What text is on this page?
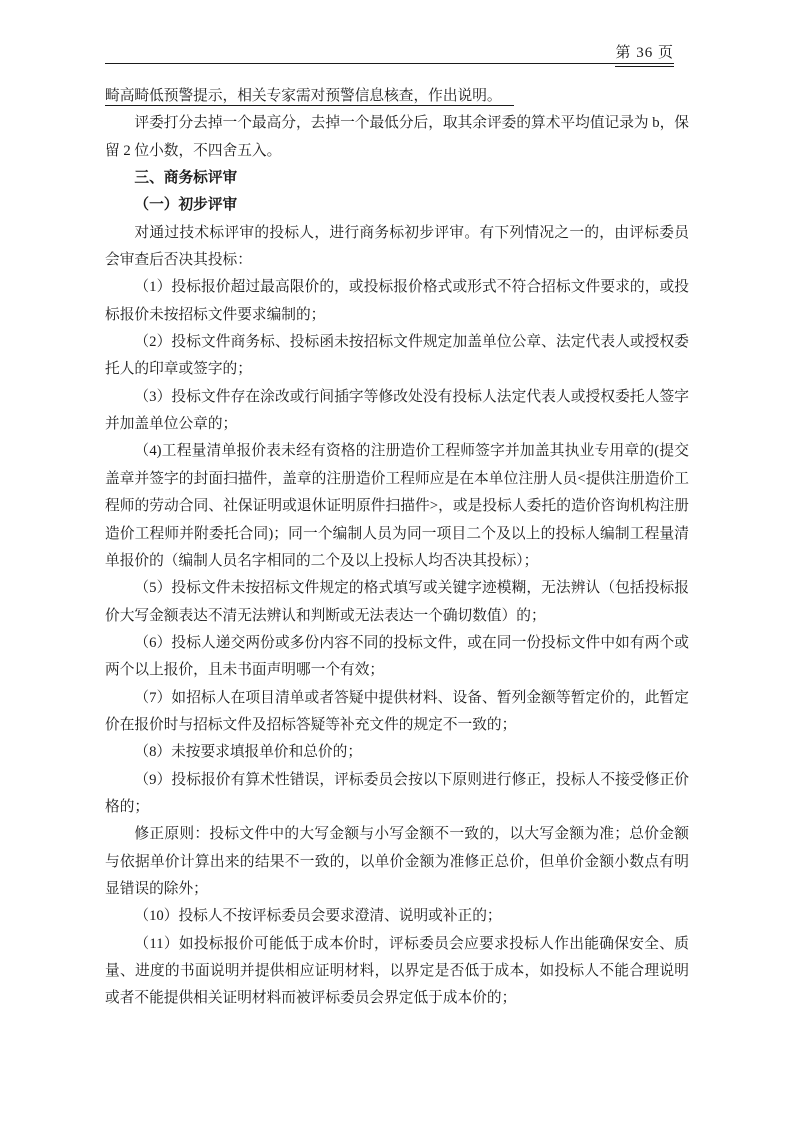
第 36 页

畸高畸低预警提示，相关专家需对预警信息核查，作出说明。

评委打分去掉一个最高分，去掉一个最低分后，取其余评委的算术平均值记录为 b，保留 2 位小数，不四舍五入。

三、商务标评审

（一）初步评审

对通过技术标评审的投标人，进行商务标初步评审。有下列情况之一的，由评标委员会审查后否决其投标：

（1）投标报价超过最高限价的，或投标报价格式或形式不符合招标文件要求的，或投标报价未按招标文件要求编制的；

（2）投标文件商务标、投标函未按招标文件规定加盖单位公章、法定代表人或授权委托人的印章或签字的；

（3）投标文件存在涂改或行间插字等修改处没有投标人法定代表人或授权委托人签字并加盖单位公章的；

（4)工程量清单报价表未经有资格的注册造价工程师签字并加盖其执业专用章的(提交盖章并签字的封面扫描件，盖章的注册造价工程师应是在本单位注册人员<提供注册造价工程师的劳动合同、社保证明或退休证明原件扫描件>，或是投标人委托的造价咨询机构注册造价工程师并附委托合同)；同一个编制人员为同一项目二个及以上的投标人编制工程量清单报价的（编制人员名字相同的二个及以上投标人均否决其投标）；

（5）投标文件未按招标文件规定的格式填写或关键字迹模糊，无法辨认（包括投标报价大写金额表达不清无法辨认和判断或无法表达一个确切数值）的；

（6）投标人递交两份或多份内容不同的投标文件，或在同一份投标文件中如有两个或两个以上报价，且未书面声明哪一个有效；

（7）如招标人在项目清单或者答疑中提供材料、设备、暂列金额等暂定价的，此暂定价在报价时与招标文件及招标答疑等补充文件的规定不一致的；

（8）未按要求填报单价和总价的；

（9）投标报价有算术性错误，评标委员会按以下原则进行修正，投标人不接受修正价格的；

修正原则：投标文件中的大写金额与小写金额不一致的，以大写金额为准；总价金额与依据单价计算出来的结果不一致的，以单价金额为准修正总价，但单价金额小数点有明显错误的除外；

（10）投标人不按评标委员会要求澄清、说明或补正的；

（11）如投标报价可能低于成本价时，评标委员会应要求投标人作出能确保安全、质量、进度的书面说明并提供相应证明材料，以界定是否低于成本，如投标人不能合理说明或者不能提供相关证明材料而被评标委员会界定低于成本价的；
